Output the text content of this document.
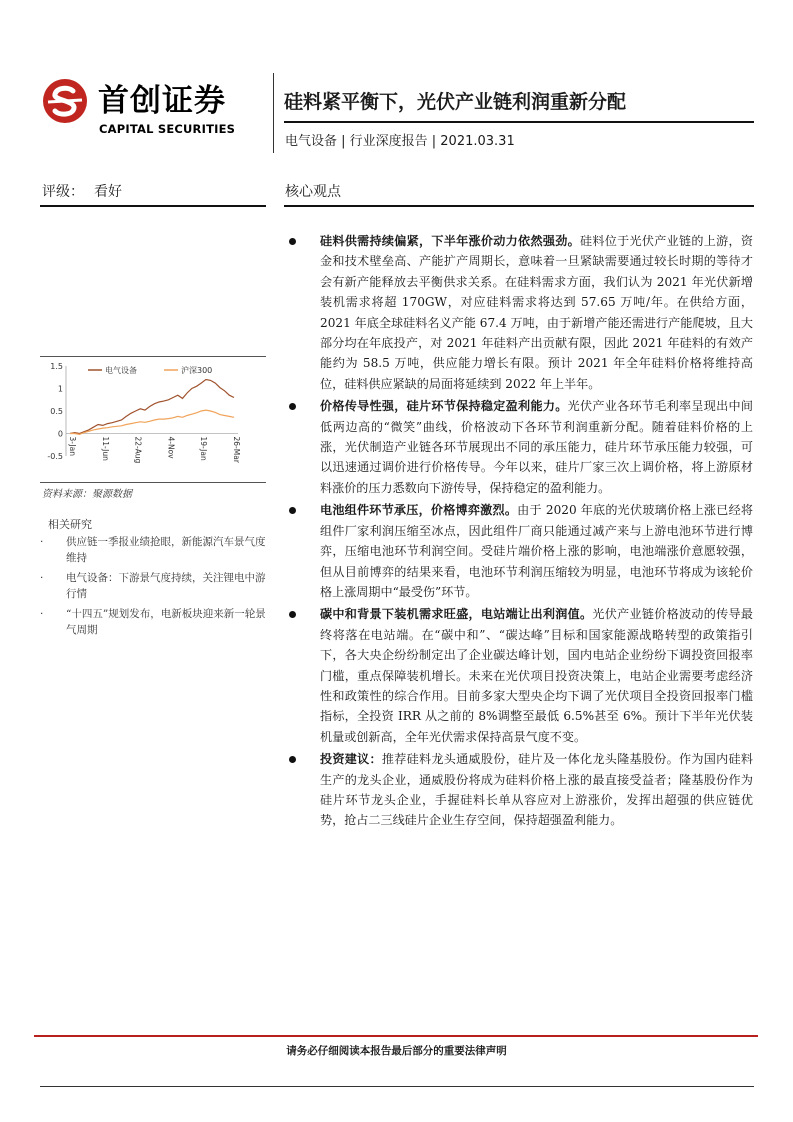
首创证券
CAPITAL SECURITIES
硅料紧平衡下，光伏产业链利润重新分配
电气设备 | 行业深度报告 | 2021.03.31
评级： 看好	核心观点
1.5
1
0.5
0
-0.5
3-Jan	11-Jun	22-Aug	4-Nov	19-Jan	26-Mar
电气设备	沪深300
资料来源：聚源数据
相关研究
· 供应链一季报业绩抢眼，新能源汽车景气度维持
· 电气设备：下游景气度持续，关注锂电中游行情
· “十四五”规划发布，电新板块迎来新一轮景气周期
硅料供需持续偏紧，下半年涨价动力依然强劲。硅料位于光伏产业链的上游，资金和技术壁垒高、产能扩产周期长，意味着一旦紧缺需要通过较长时期的等待才会有新产能释放去平衡供求关系。在硅料需求方面，我们认为 2021 年光伏新增装机需求将超 170GW，对应硅料需求将达到 57.65 万吨/年。在供给方面，2021 年底全球硅料名义产能 67.4 万吨，由于新增产能还需进行产能爬坡，且大部分均在年底投产，对 2021 年硅料产出贡献有限，因此 2021 年硅料的有效产能约为 58.5 万吨，供应能力增长有限。预计 2021 年全年硅料价格将维持高位，硅料供应紧缺的局面将延续到 2022 年上半年。
价格传导性强，硅片环节保持稳定盈利能力。光伏产业各环节毛利率呈现出中间低两边高的“微笑”曲线，价格波动下各环节利润重新分配。随着硅料价格的上涨，光伏制造产业链各环节展现出不同的承压能力，硅片环节承压能力较强，可以迅速通过调价进行价格传导。今年以来，硅片厂家三次上调价格，将上游原材料涨价的压力悉数向下游传导，保持稳定的盈利能力。
电池组件环节承压，价格博弈激烈。由于 2020 年底的光伏玻璃价格上涨已经将组件厂家利润压缩至冰点，因此组件厂商只能通过减产来与上游电池环节进行博弈，压缩电池环节利润空间。受硅片端价格上涨的影响，电池端涨价意愿较强，但从目前博弈的结果来看，电池环节利润压缩较为明显，电池环节将成为该轮价格上涨周期中“最受伤”环节。
碳中和背景下装机需求旺盛，电站端让出利润值。光伏产业链价格波动的传导最终将落在电站端。在“碳中和”、“碳达峰”目标和国家能源战略转型的政策指引下，各大央企纷纷制定出了企业碳达峰计划，国内电站企业纷纷下调投资回报率门槛，重点保障装机增长。未来在光伏项目投资决策上，电站企业需要考虑经济性和政策性的综合作用。目前多家大型央企均下调了光伏项目全投资回报率门槛指标，全投资 IRR 从之前的 8%调整至最低 6.5%甚至 6%。预计下半年光伏装机量或创新高，全年光伏需求保持高景气度不变。
投资建议：推荐硅料龙头通威股份，硅片及一体化龙头隆基股份。作为国内硅料生产的龙头企业，通威股份将成为硅料价格上涨的最直接受益者；隆基股份作为硅片环节龙头企业，手握硅料长单从容应对上游涨价，发挥出超强的供应链优势，抢占二三线硅片企业生存空间，保持超强盈利能力。
请务必仔细阅读本报告最后部分的重要法律声明
